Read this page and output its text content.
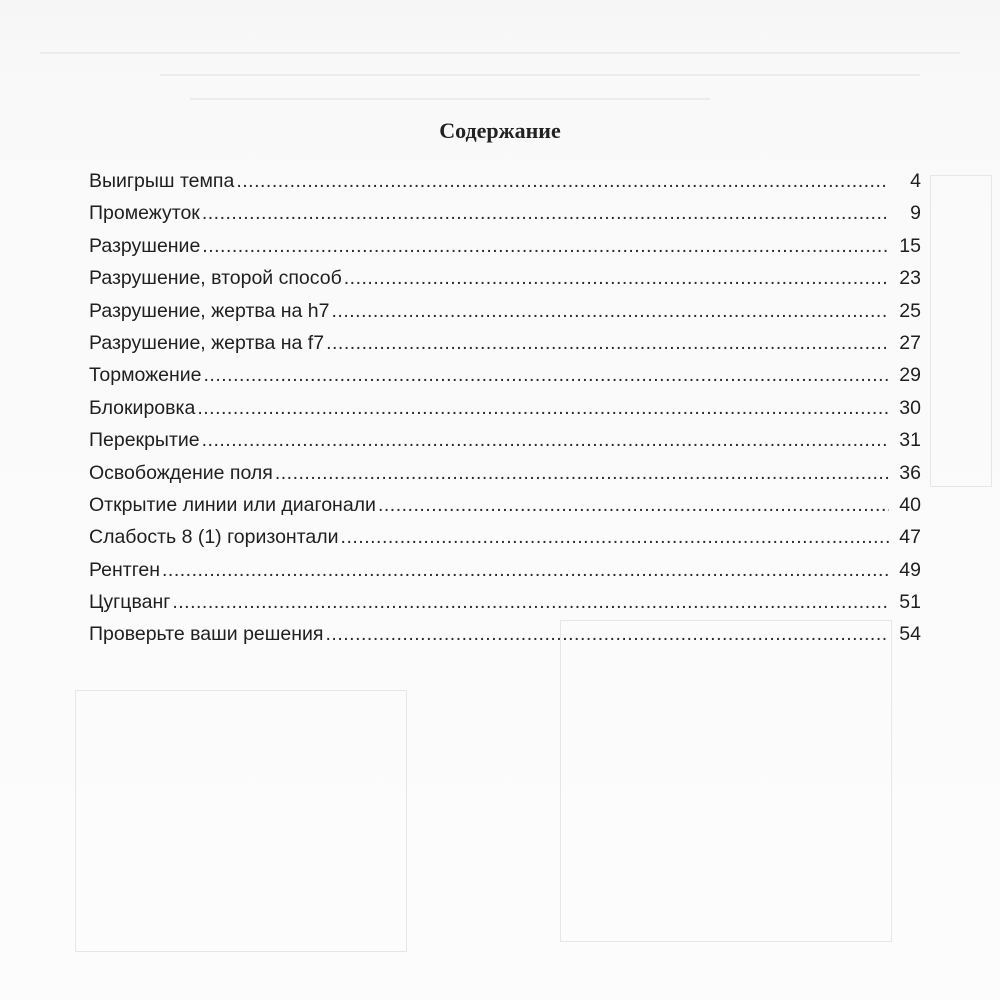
Содержание
Выигрыш темпа .....	4
Промежуток .....	9
Разрушение .....	15
Разрушение, второй способ .....	23
Разрушение, жертва на h7 .....	25
Разрушение, жертва на f7 .....	27
Торможение .....	29
Блокировка .....	30
Перекрытие .....	31
Освобождение поля .....	36
Открытие линии или диагонали .....	40
Слабость 8 (1) горизонтали .....	47
Рентген .....	49
Цугцванг .....	51
Проверьте ваши решения .....	54
